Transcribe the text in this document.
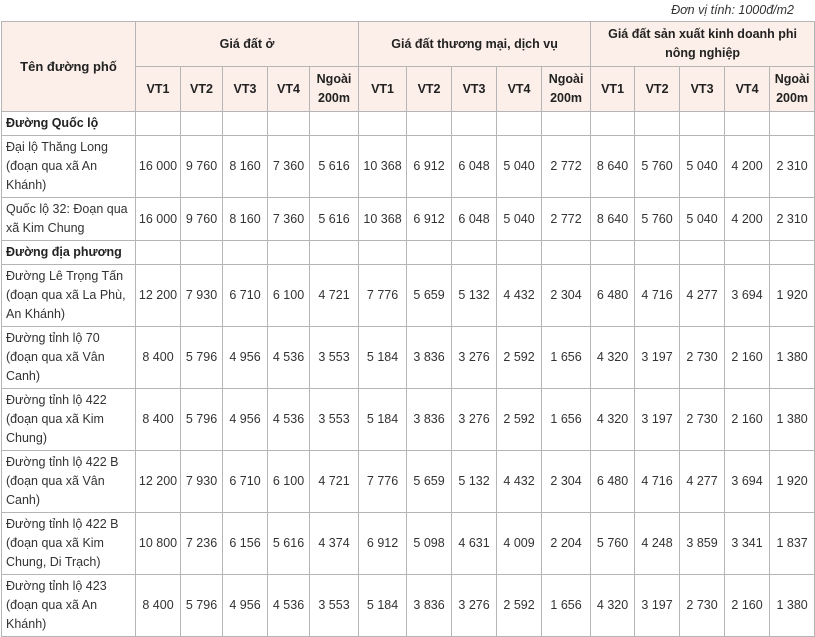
Đơn vị tính: 1000đ/m2
Tên đường phố	Giá đất ở					Giá đất thương mại, dịch vụ					Giá đất sản xuất kinh doanh phi nông nghiệp				
	VT1	VT2	VT3	VT4	Ngoài 200m	VT1	VT2	VT3	VT4	Ngoài 200m	VT1	VT2	VT3	VT4	Ngoài 200m
Đường Quốc lộ															
Đại lộ Thăng Long (đoạn qua xã An Khánh)	16 000	9 760	8 160	7 360	5 616	10 368	6 912	6 048	5 040	2 772	8 640	5 760	5 040	4 200	2 310
Quốc lộ 32: Đoạn qua xã Kim Chung	16 000	9 760	8 160	7 360	5 616	10 368	6 912	6 048	5 040	2 772	8 640	5 760	5 040	4 200	2 310
Đường địa phương															
Đường Lê Trọng Tấn (đoạn qua xã La Phù, An Khánh)	12 200	7 930	6 710	6 100	4 721	7 776	5 659	5 132	4 432	2 304	6 480	4 716	4 277	3 694	1 920
Đường tỉnh lộ 70 (đoạn qua xã Vân Canh)	8 400	5 796	4 956	4 536	3 553	5 184	3 836	3 276	2 592	1 656	4 320	3 197	2 730	2 160	1 380
Đường tỉnh lộ 422 (đoạn qua xã Kim Chung)	8 400	5 796	4 956	4 536	3 553	5 184	3 836	3 276	2 592	1 656	4 320	3 197	2 730	2 160	1 380
Đường tỉnh lộ 422 B (đoạn qua xã Vân Canh)	12 200	7 930	6 710	6 100	4 721	7 776	5 659	5 132	4 432	2 304	6 480	4 716	4 277	3 694	1 920
Đường tỉnh lộ 422 B (đoạn qua xã Kim Chung, Di Trạch)	10 800	7 236	6 156	5 616	4 374	6 912	5 098	4 631	4 009	2 204	5 760	4 248	3 859	3 341	1 837
Đường tỉnh lộ 423 (đoạn qua xã An Khánh)	8 400	5 796	4 956	4 536	3 553	5 184	3 836	3 276	2 592	1 656	4 320	3 197	2 730	2 160	1 380
